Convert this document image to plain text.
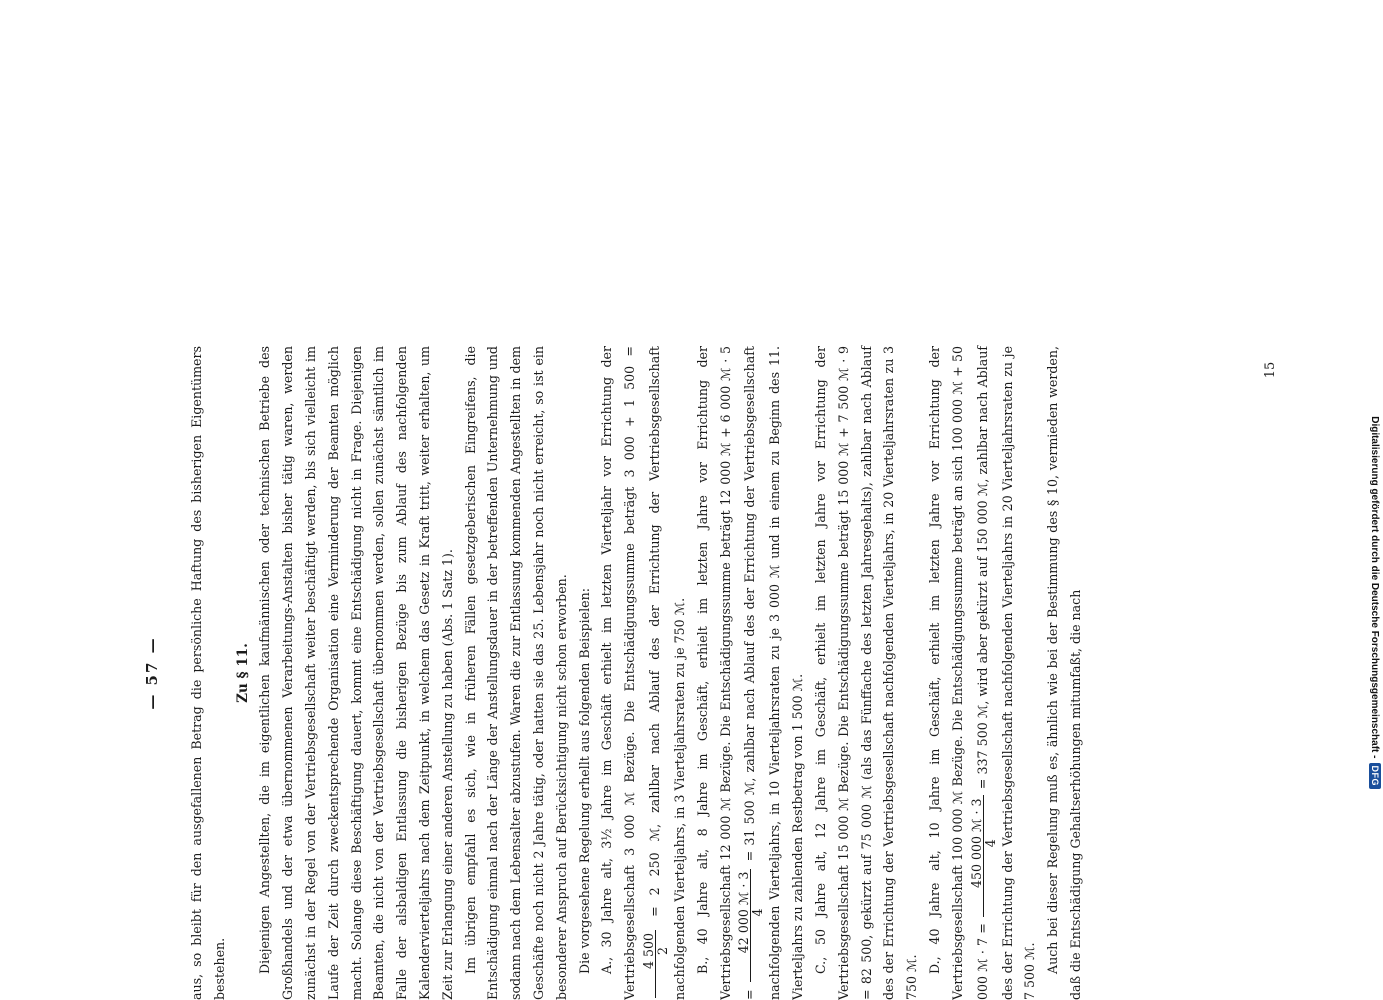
— 57 — aus, so bleibt für den ausgefallenen Betrag die persönliche Haftung des bisherigen Eigentümers bestehen.

Zu § 11. Diejenigen Angestellten, die im eigentlichen kaufmännischen oder technischen Betriebe des Großhandels und der etwa übernommenen Verarbeitungs-Anstalten bisher tätig waren, werden zunächst in der Regel von der Vertriebsgesellschaft weiter beschäftigt werden, bis sich vielleicht im Laufe der Zeit durch zweckentsprechende Organisation eine Verminderung der Beamten möglich macht. Solange diese Beschäftigung dauert, kommt eine Entschädigung nicht in Frage. Diejenigen Beamten, die nicht von der Vertriebsgesellschaft übernommen werden, sollen zunächst sämtlich im Falle der alsbaldigen Entlassung die bisherigen Bezüge bis zum Ablauf des nachfolgenden Kalendervierteljahrs nach dem Zeitpunkt, in welchem das Gesetz in Kraft tritt, weiter erhalten, um Zeit zur Erlangung einer anderen Anstellung zu haben (Abs. 1 Satz 1). Im übrigen empfahl es sich, wie in früheren Fällen gesetzgeberischen Eingreifens, die Entschädigung einmal nach der Länge der Anstellungsdauer in der betreffenden Unternehmung und sodann nach dem Lebensalter abzustufen. Waren die zur Entlassung kommenden Angestellten in dem Geschäfte noch nicht 2 Jahre tätig, oder hatten sie das 25. Lebensjahr noch nicht erreicht, so ist ein besonderer Anspruch auf Berücksichtigung nicht schon erworben. Die vorgesehene Regelung erhellt aus folgenden Beispielen: A., 30 Jahre alt, 3½ Jahre im Geschäft erhielt im letzten Vierteljahr vor Errichtung der Vertriebsgesellschaft 3 000 ℳ Bezüge. Die Entschädigungssumme beträgt 3 000 + 1 500 = 4 500 2
= 2 250 ℳ, zahlbar nach Ablauf des der Errichtung der Vertriebsgesellschaft nachfolgenden Vierteljahrs, in 3 Vierteljahrsraten zu je 750 ℳ. B., 40 Jahre alt, 8 Jahre im Geschäft, erhielt im letzten Jahre vor Errichtung der Vertriebsgesellschaft 12 000 ℳ Bezüge. Die Entschädigungssumme beträgt 12 000 ℳ + 6 000 ℳ · 5 =
42 000 ℳ · 3 4
= 31 500 ℳ, zahlbar nach Ablauf des der Errichtung der Vertriebsgesellschaft nachfolgenden Vierteljahrs, in 10 Vierteljahrsraten zu je 3 000 ℳ und in einem zu Beginn des 11. Vierteljahrs zu zahlenden Restbetrag von 1 500 ℳ. C., 50 Jahre alt, 12 Jahre im Geschäft, erhielt im letzten Jahre vor Errichtung der Vertriebsgesellschaft 15 000 ℳ Bezüge. Die Entschädigungssumme beträgt 15 000 ℳ + 7 500 ℳ · 9 = 82 500, gekürzt auf 75 000 ℳ (als das Fünffache des letzten Jahresgehalts), zahlbar nach Ablauf des der Errichtung der Vertriebsgesellschaft nachfolgenden Vierteljahrs, in 20 Vierteljahrsraten zu 3 750 ℳ.

D., 40 Jahre alt, 10 Jahre im Geschäft, erhielt im letzten Jahre vor Errichtung der Vertriebsgesellschaft 100 000 ℳ Bezüge. Die Entschädigungssumme beträgt an sich 100 000 ℳ + 50 000 ℳ · 7 =
450 000 ℳ · 3 4
= 337 500 ℳ, wird aber gekürzt auf 150 000 ℳ, zahlbar nach Ablauf des der Errichtung der Vertriebsgesellschaft nachfolgenden Vierteljahrs in 20 Vierteljahrsraten zu je 7 500 ℳ. Auch bei dieser Regelung muß es, ähnlich wie bei der Bestimmung des § 10, vermieden werden, daß die Entschädigung Gehaltserhöhungen mitumfaßt, die nach

15
Digitalisierung gefördert durch die Deutsche Forschungsgemeinschaft -
DFG
